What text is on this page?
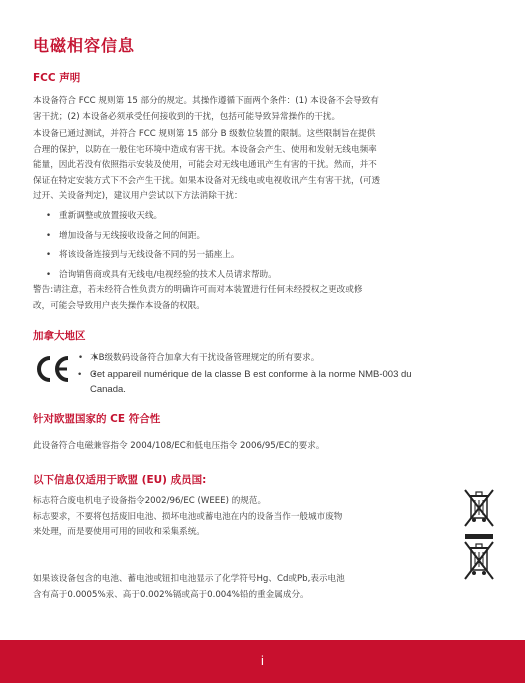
电磁相容信息
FCC 声明
本设备符合 FCC 规则第 15 部分的规定。其操作遵循下面两个条件：(1) 本设备不会导致有
害干扰；(2) 本设备必须承受任何接收到的干扰，包括可能导致异常操作的干扰。
本设备已通过测试，并符合 FCC 规则第 15 部分 B 级数位装置的限制。这些限制旨在提供
合理的保护，以防在一般住宅环境中造成有害干扰。本设备会产生、使用和发射无线电频率
能量，因此若没有依照指示安装及使用，可能会对无线电通讯产生有害的干扰。然而，并不
保证在特定安装方式下不会产生干扰。如果本设备对无线电或电视收讯产生有害干扰，(可透
过开、关设备判定)，建议用户尝试以下方法消除干扰：
• 重新调整或放置接收天线。
• 增加设备与无线接收设备之间的间距。
• 将该设备连接到与无线设备不同的另一插座上。
• 洽询销售商或具有无线电/电视经验的技术人员请求帮助。
警告:请注意，若未经符合性负责方的明确许可而对本装置进行任何未经授权之更改或修
改，可能会导致用户丧失操作本设备的权限。
加拿大地区
• • 本B级数码设备符合加拿大有干扰设备管理规定的所有要求。
• • Cet appareil numérique de la classe B est conforme à la norme NMB-003 du
Canada.
针对欧盟国家的 CE 符合性
此设备符合电磁兼容指令 2004/108/EC和低电压指令 2006/95/EC的要求。
以下信息仅适用于欧盟 (EU) 成员国:
标志符合废电机电子设备指令2002/96/EC (WEEE) 的规范。
标志要求，不要将包括废旧电池、损坏电池或蓄电池在内的设备当作一般城市废物
来处理，而是要使用可用的回收和采集系统。
如果该设备包含的电池、蓄电池或钮扣电池显示了化学符号Hg、Cd或Pb,表示电池
含有高于0.0005%汞、高于0.002%镉或高于0.004%铅的重金属成分。
i
